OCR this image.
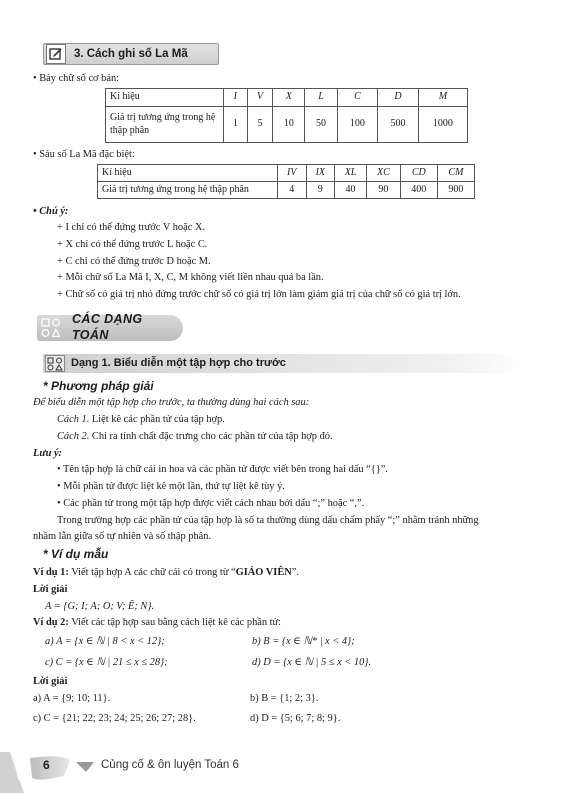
3. Cách ghi số La Mã
• Bảy chữ số cơ bản:
Kí hiệu	I	V	X	L	C	D	M
Giá trị tương ứng trong hệ thập phân	1	5	10	50	100	500	1000
• Sáu số La Mã đặc biệt:
Kí hiệu	IV	IX	XL	XC	CD	CM
Giá trị tương ứng trong hệ thập phân	4	9	40	90	400	900
• Chú ý:
+ I chỉ có thể đứng trước V hoặc X.
+ X chỉ có thể đứng trước L hoặc C.
+ C chỉ có thể đứng trước D hoặc M.
+ Mỗi chữ số La Mã I, X, C, M không viết liền nhau quá ba lần.
+ Chữ số có giá trị nhỏ đứng trước chữ số có giá trị lớn làm giảm giá trị của chữ số có giá trị lớn.
CÁC DẠNG TOÁN
Dạng 1. Biểu diễn một tập hợp cho trước
* Phương pháp giải
Để biểu diễn một tập hợp cho trước, ta thường dùng hai cách sau:
Cách 1. Liệt kê các phần tử của tập hợp.
Cách 2. Chỉ ra tính chất đặc trưng cho các phần tử của tập hợp đó.
Lưu ý:
• Tên tập hợp là chữ cái in hoa và các phần tử được viết bên trong hai dấu “{}”.
• Mỗi phần tử được liệt kê một lần, thứ tự liệt kê tùy ý.
• Các phần tử trong một tập hợp được viết cách nhau bởi dấu “;” hoặc “,”.
Trong trường hợp các phần tử của tập hợp là số ta thường dùng dấu chấm phẩy “;” nhằm tránh những
nhầm lẫn giữa số tự nhiên và số thập phân.
* Ví dụ mẫu
Ví dụ 1: Viết tập hợp A các chữ cái có trong từ “GIÁO VIÊN”.
Lời giải
A = {G; I; A; O; V; Ê; N}.
Ví dụ 2: Viết các tập hợp sau bằng cách liệt kê các phần tử:
a) A = {x ∈ ℕ | 8 < x < 12};	b) B = {x ∈ ℕ* | x < 4};
c) C = {x ∈ ℕ | 21 ≤ x ≤ 28};	d) D = {x ∈ ℕ | 5 ≤ x < 10}.
Lời giải
a) A = {9; 10; 11}.	b) B = {1; 2; 3}.
c) C = {21; 22; 23; 24; 25; 26; 27; 28}.	d) D = {5; 6; 7; 8; 9}.
6	Củng cố & ôn luyện Toán 6
